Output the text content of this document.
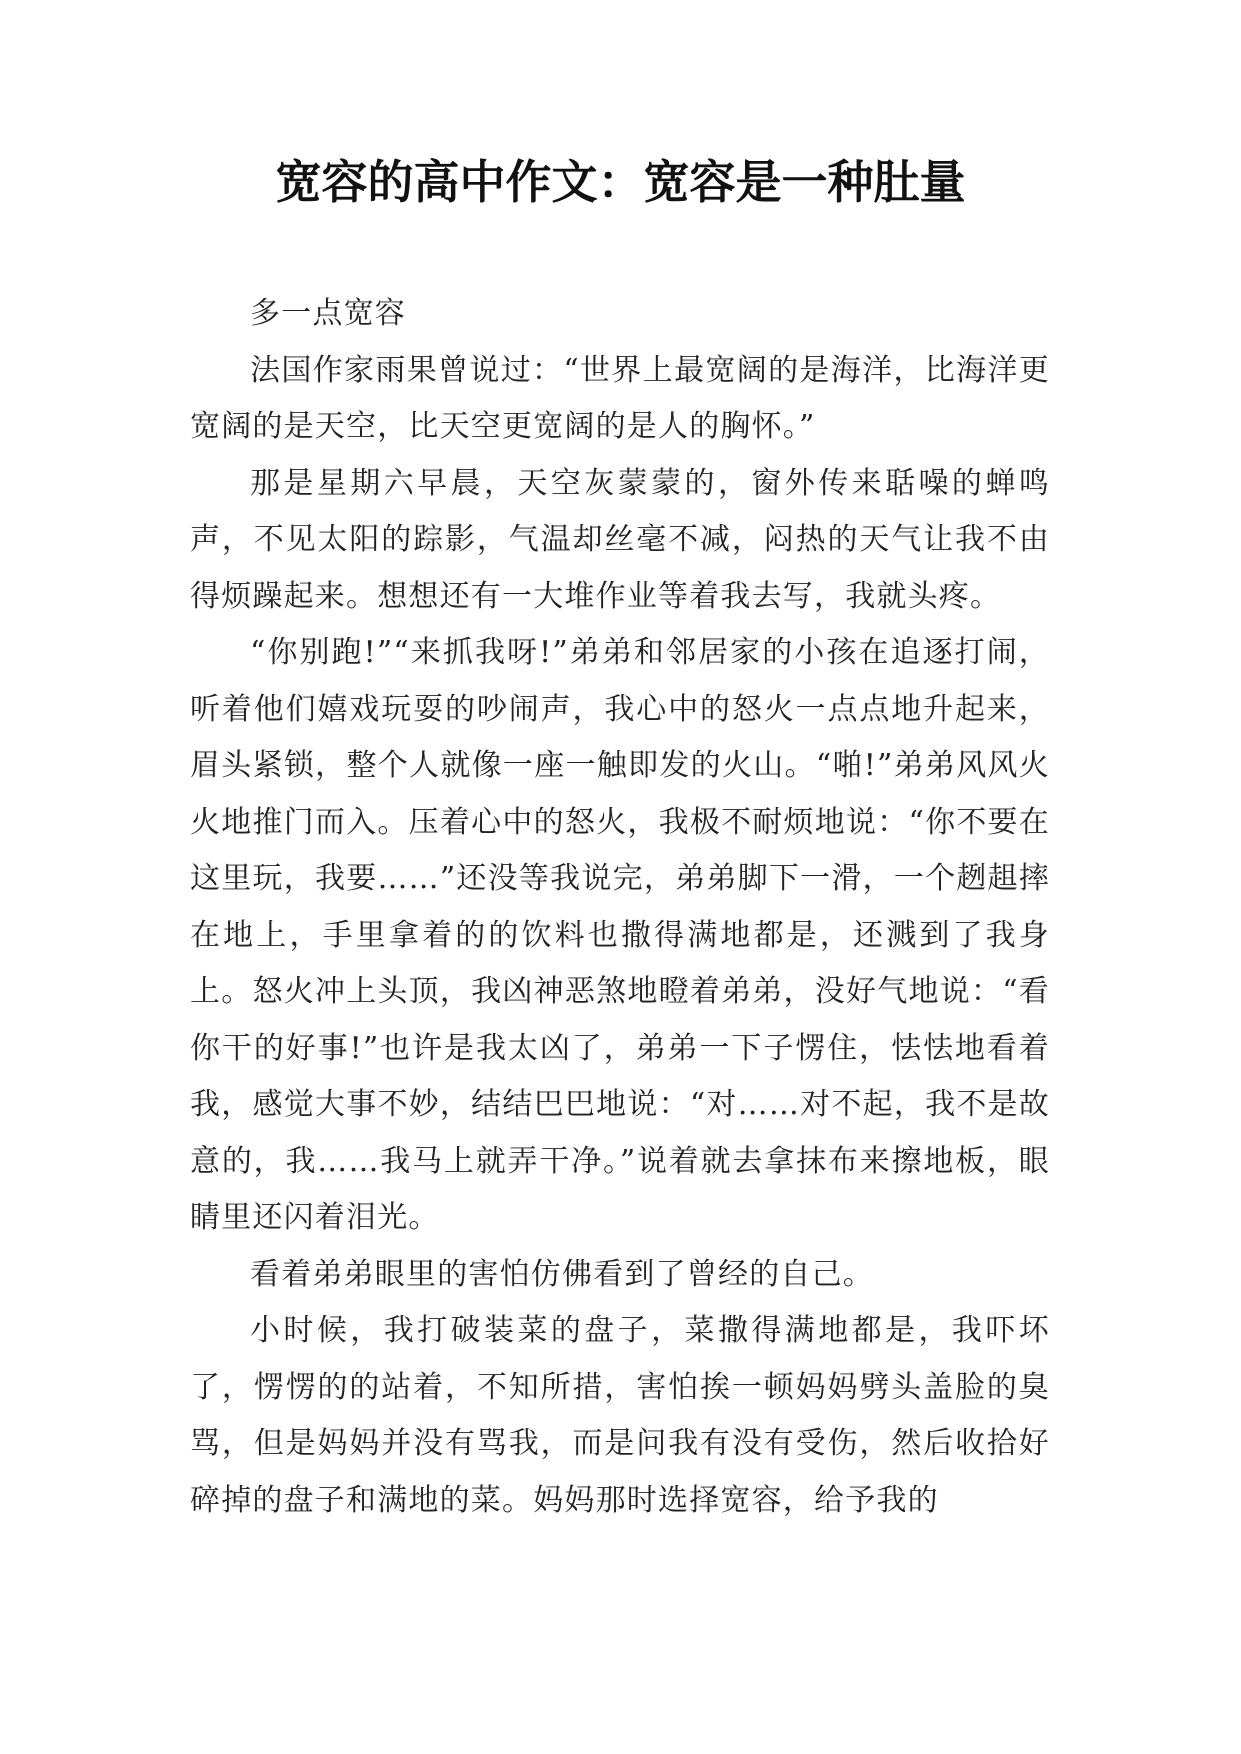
宽容的高中作文：宽容是一种肚量

多一点宽容

法国作家雨果曾说过：“世界上最宽阔的是海洋，比海洋更宽阔的是天空，比天空更宽阔的是人的胸怀。”

那是星期六早晨，天空灰蒙蒙的，窗外传来聒噪的蝉鸣声，不见太阳的踪影，气温却丝毫不减，闷热的天气让我不由得烦躁起来。想想还有一大堆作业等着我去写，我就头疼。

“你别跑!”“来抓我呀!”弟弟和邻居家的小孩在追逐打闹，听着他们嬉戏玩耍的吵闹声，我心中的怒火一点点地升起来，眉头紧锁，整个人就像一座一触即发的火山。“啪!”弟弟风风火火地推门而入。压着心中的怒火，我极不耐烦地说：“你不要在这里玩，我要……”还没等我说完，弟弟脚下一滑，一个趔趄摔在地上，手里拿着的的饮料也撒得满地都是，还溅到了我身上。怒火冲上头顶，我凶神恶煞地瞪着弟弟，没好气地说：“看你干的好事!”也许是我太凶了，弟弟一下子愣住，怯怯地看着我，感觉大事不妙，结结巴巴地说：“对……对不起，我不是故意的，我……我马上就弄干净。”说着就去拿抹布来擦地板，眼睛里还闪着泪光。

看着弟弟眼里的害怕仿佛看到了曾经的自己。

小时候，我打破装菜的盘子，菜撒得满地都是，我吓坏了，愣愣的的站着，不知所措，害怕挨一顿妈妈劈头盖脸的臭骂，但是妈妈并没有骂我，而是问我有没有受伤，然后收拾好碎掉的盘子和满地的菜。妈妈那时选择宽容，给予我的
